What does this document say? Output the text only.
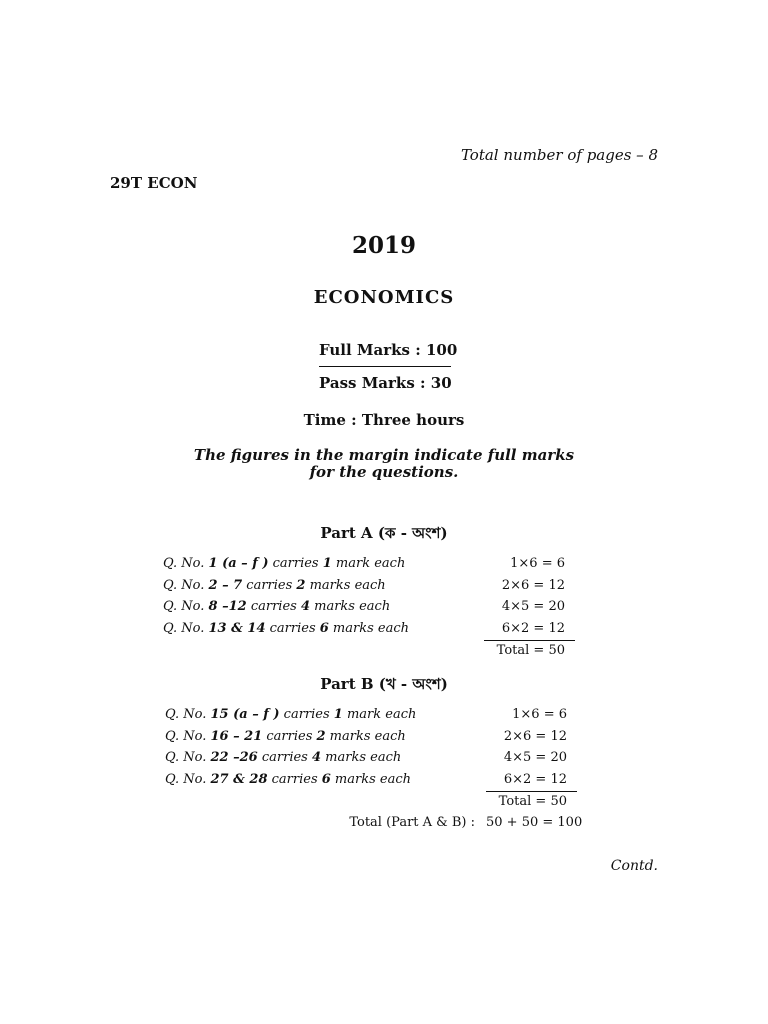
Total number of pages – 8
29T ECON
2019
ECONOMICS
Full Marks : 100
Pass Marks : 30
Time : Three hours
The figures in the margin indicate full marks
for the questions.
Part A (ক - অংশ)
Q. No. 1 (a – f ) carries 1 mark each	1×6 = 6
Q. No. 2 – 7 carries 2 marks each	2×6 = 12
Q. No. 8 –12 carries 4 marks each	4×5 = 20
Q. No. 13 & 14 carries 6 marks each	6×2 = 12
Total = 50
Part B (খ - অংশ)
Q. No. 15 (a – f ) carries 1 mark each	1×6 = 6
Q. No. 16 – 21 carries 2 marks each	2×6 = 12
Q. No. 22 –26 carries 4 marks each	4×5 = 20
Q. No. 27 & 28 carries 6 marks each	6×2 = 12
Total = 50
Total (Part A & B) : 50 + 50 = 100
Contd.
